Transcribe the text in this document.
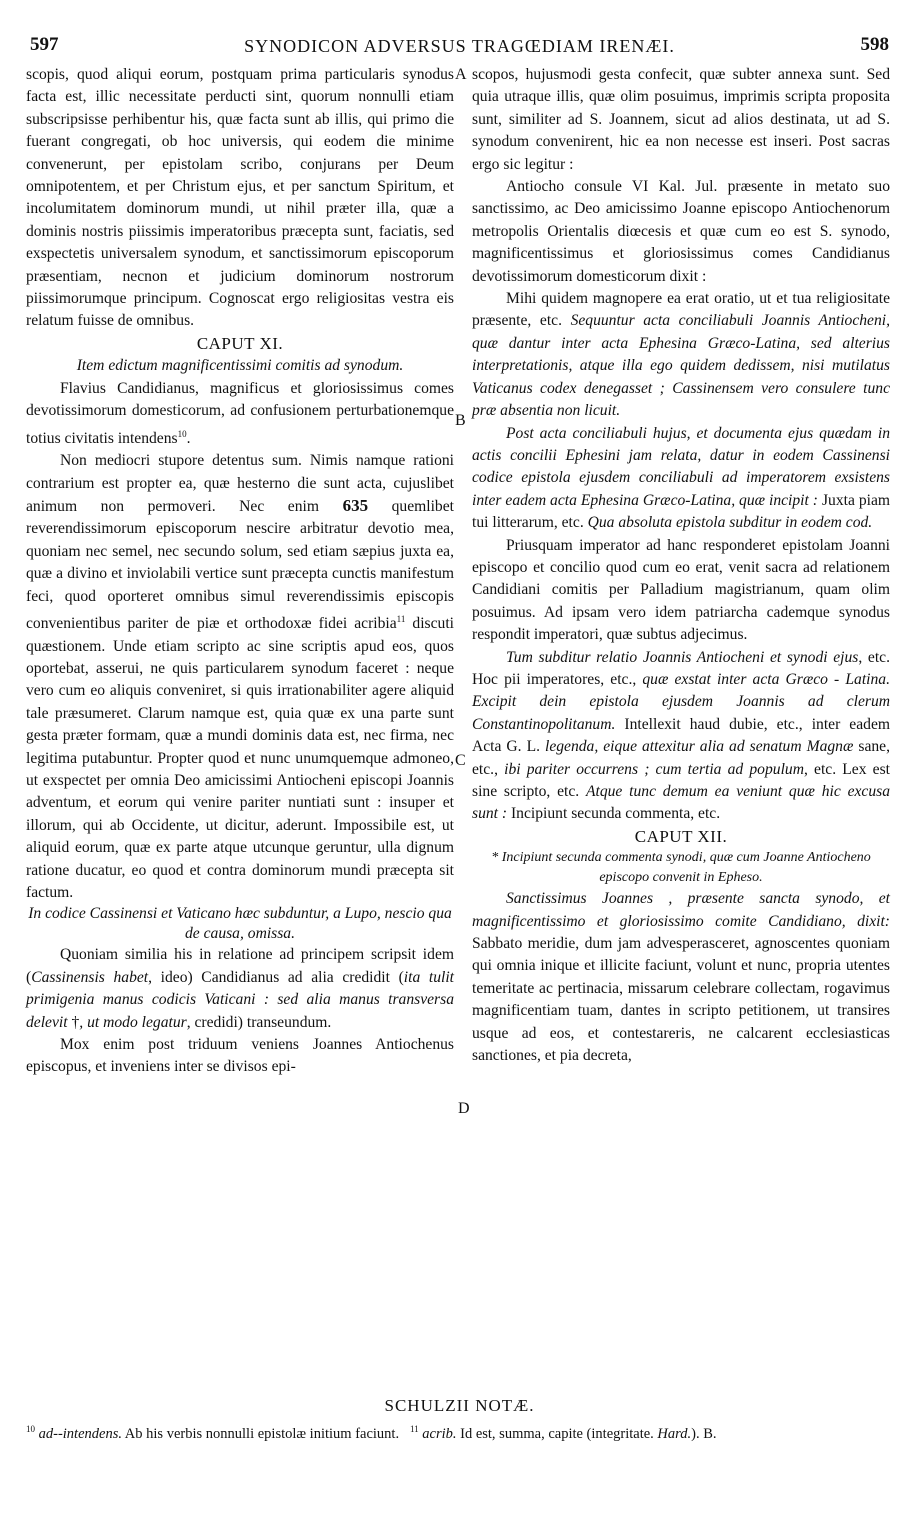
597	SYNODICON ADVERSUS TRAGŒDIAM IRENÆI.	598
A
B
C
D

scopis, quod aliqui eorum, postquam prima particularis synodus facta est, illic necessitate perducti sint, quorum nonnulli etiam subscripsisse perhibentur his, quæ facta sunt ab illis, qui primo die fuerant congregati, ob hoc universis, qui eodem die minime convenerunt, per epistolam scribo, conjurans per Deum omnipotentem, et per Christum ejus, et per sanctum Spiritum, et incolumitatem dominorum mundi, ut nihil præter illa, quæ a dominis nostris piissimis imperatoribus præcepta sunt, faciatis, sed exspectetis universalem synodum, et sanctissimorum episcoporum præsentiam, necnon et judicium dominorum nostrorum piissimorumque principum. Cognoscat ergo religiositas vestra eis relatum fuisse de omnibus.

CAPUT XI.

Item edictum magnificentissimi comitis ad synodum.

Flavius Candidianus, magnificus et gloriosissimus comes devotissimorum domesticorum, ad confusionem perturbationemque totius civitatis intendens$^{10}$.

Non mediocri stupore detentus sum. Nimis namque rationi contrarium est propter ea, quæ hesterno die sunt acta, cujuslibet animum non permoveri. Nec enim 635 quemlibet reverendissimorum episcoporum nescire arbitratur devotio mea, quoniam nec semel, nec secundo solum, sed etiam sæpius juxta ea, quæ a divino et inviolabili vertice sunt præcepta cunctis manifestum feci, quod oporteret omnibus simul reverendissimis episcopis convenientibus pariter de piæ et orthodoxæ fidei acribia$^{11}$ discuti quæstionem. Unde etiam scripto ac sine scriptis apud eos, quos oportebat, asserui, ne quis particularem synodum faceret : neque vero cum eo aliquis conveniret, si quis irrationabiliter agere aliquid tale præsumeret. Clarum namque est, quia quæ ex una parte sunt gesta præter formam, quæ a mundi dominis data est, nec firma, nec legitima putabuntur. Propter quod et nunc unumquemque admoneo, ut exspectet per omnia Deo amicissimi Antiocheni episcopi Joannis adventum, et eorum qui venire pariter nuntiati sunt : insuper et illorum, qui ab Occidente, ut dicitur, aderunt. Impossibile est, ut aliquid eorum, quæ ex parte atque utcunque geruntur, ulla dignum ratione ducatur, eo quod et contra dominorum mundi præcepta sit factum.

In codice Cassinensi et Vaticano hæc subduntur, a Lupo, nescio qua de causa, omissa.

Quoniam similia his in relatione ad principem scripsit idem (Cassinensis habet, ideo) Candidianus ad alia credidit (ita tulit primigenia manus codicis Vaticani : sed alia manus transversa delevit †, ut modo legatur, credidi) transeundum.

Mox enim post triduum veniens Joannes Antiochenus episcopus, et inveniens inter se divisos epi-

scopos, hujusmodi gesta confecit, quæ subter annexa sunt. Sed quia utraque illis, quæ olim posuimus, imprimis scripta proposita sunt, similiter ad S. Joannem, sicut ad alios destinata, ut ad S. synodum convenirent, hic ea non necesse est inseri. Post sacras ergo sic legitur :

Antiocho consule VI Kal. Jul. præsente in metato suo sanctissimo, ac Deo amicissimo Joanne episcopo Antiochenorum metropolis Orientalis diœcesis et quæ cum eo est S. synodo, magnificentissimus et gloriosissimus comes Candidianus devotissimorum domesticorum dixit :

Mihi quidem magnopere ea erat oratio, ut et tua religiositate præsente, etc. Sequuntur acta conciliabuli Joannis Antiocheni, quæ dantur inter acta Ephesina Græco-Latina, sed alterius interpretationis, atque illa ego quidem dedissem, nisi mutilatus Vaticanus codex denegasset ; Cassinensem vero consulere tunc præ absentia non licuit.

Post acta conciliabuli hujus, et documenta ejus quædam in actis concilii Ephesini jam relata, datur in eodem Cassinensi codice epistola ejusdem conciliabuli ad imperatorem exsistens inter eadem acta Ephesina Græco-Latina, quæ incipit : Juxta piam tui litterarum, etc. Qua absoluta epistola subditur in eodem cod.

Priusquam imperator ad hanc responderet epistolam Joanni episcopo et concilio quod cum eo erat, venit sacra ad relationem Candidiani comitis per Palladium magistrianum, quam olim posuimus. Ad ipsam vero idem patriarcha cademque synodus respondit imperatori, quæ subtus adjecimus.

Tum subditur relatio Joannis Antiocheni et synodi ejus, etc. Hoc pii imperatores, etc., quæ exstat inter acta Græco - Latina. Excipit dein epistola ejusdem Joannis ad clerum Constantinopolitanum. Intellexit haud dubie, etc., inter eadem Acta G. L. legenda, eique attexitur alia ad senatum Magnæ sane, etc., ibi pariter occurrens ; cum tertia ad populum, etc. Lex est sine scripto, etc. Atque tunc demum ea veniunt quæ hic excusa sunt : Incipiunt secunda commenta, etc.

CAPUT XII.

* Incipiunt secunda commenta synodi, quæ cum Joanne Antiocheno episcopo convenit in Epheso.

Sanctissimus Joannes , præsente sancta synodo, et magnificentissimo et gloriosissimo comite Candidiano, dixit: Sabbato meridie, dum jam advesperasceret, agnoscentes quoniam qui omnia inique et illicite faciunt, volunt et nunc, propria utentes temeritate ac pertinacia, missarum celebrare collectam, rogavimus magnificentiam tuam, dantes in scripto petitionem, ut transires usque ad eos, et contestareris, ne calcarent ecclesiasticas sanctiones, et pia decreta,

SCHULZII NOTÆ.
$^{10}$ ad--intendens. Ab his verbis nonnulli epistolæ initium faciunt. $^{11}$ acrib. Id est, summa, capite (integritate. Hard.). B.
